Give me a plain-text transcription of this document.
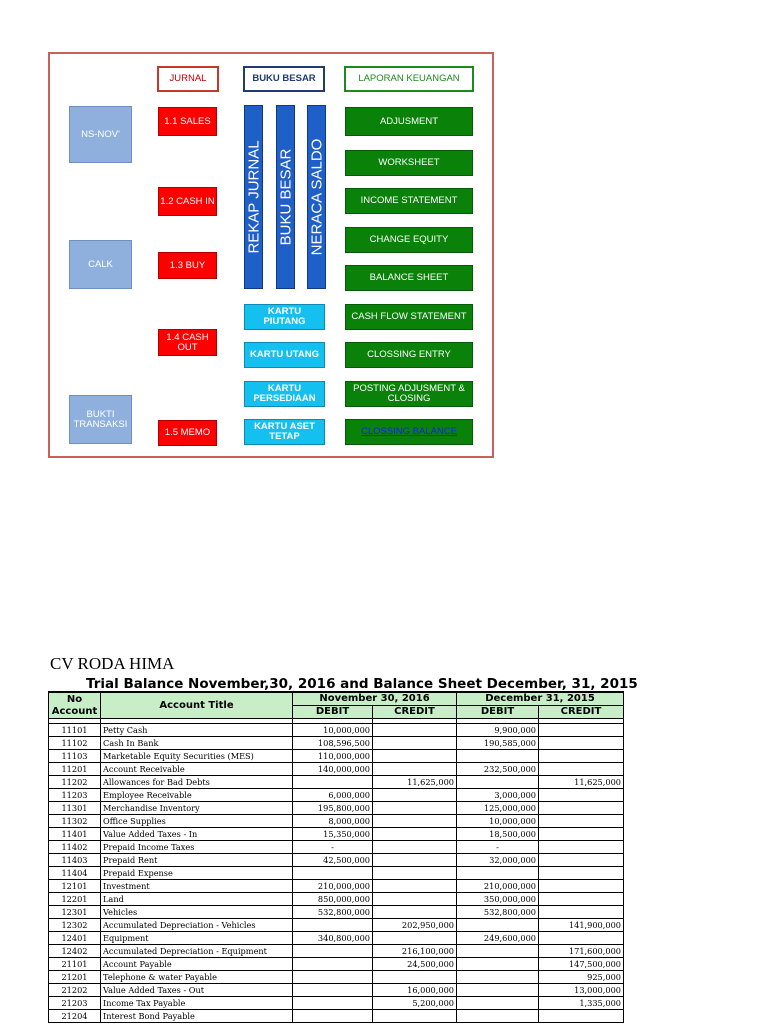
JURNAL	BUKU BESAR	LAPORAN KEUANGAN
NS-NOV'
CALK
BUKTI TRANSAKSI
1.1 SALES
1.2 CASH IN
1.3 BUY
1.4 CASH OUT
1.5 MEMO
REKAP JURNAL BUKU BESAR NERACA SALDO
KARTU PIUTANG
KARTU UTANG
KARTU PERSEDIAAN
KARTU ASET TETAP
ADJUSMENT
WORKSHEET
INCOME STATEMENT
CHANGE EQUITY
BALANCE SHEET
CASH FLOW STATEMENT
CLOSSING ENTRY
POSTING ADJUSMENT & CLOSING
CLOSSING BALANCE
CV RODA HIMA
Trial Balance November,30, 2016 and Balance Sheet December, 31, 2015
No Account	Account Title	November 30, 2016		December 31, 2015	
		DEBIT	CREDIT	DEBIT	CREDIT

11101	Petty Cash	10,000,000		9,900,000	
11102	Cash In Bank	108,596,500		190,585,000	
11103	Marketable Equity Securities (MES)	110,000,000			
11201	Account Receivable	140,000,000		232,500,000	
11202	Allowances for Bad Debts		11,625,000		11,625,000
11203	Employee Receivable	6,000,000		3,000,000	
11301	Merchandise Inventory	195,800,000		125,000,000	
11302	Office Supplies	8,000,000		10,000,000	
11401	Value Added Taxes - In	15,350,000		18,500,000	
11402	Prepaid Income Taxes	-		-	
11403	Prepaid Rent	42,500,000		32,000,000	
11404	Prepaid Expense				
12101	Investment	210,000,000		210,000,000	
12201	Land	850,000,000		350,000,000	
12301	Vehicles	532,800,000		532,800,000	
12302	Accumulated Depreciation - Vehicles		202,950,000		141,900,000
12401	Equipment	340,800,000		249,600,000	
12402	Accumulated Depreciation - Equipment		216,100,000		171,600,000
21101	Account Payable		24,500,000		147,500,000
21201	Telephone & water Payable				925,000
21202	Value Added Taxes - Out		16,000,000		13,000,000
21203	Income Tax Payable		5,200,000		1,335,000
21204	Interest Bond Payable				
